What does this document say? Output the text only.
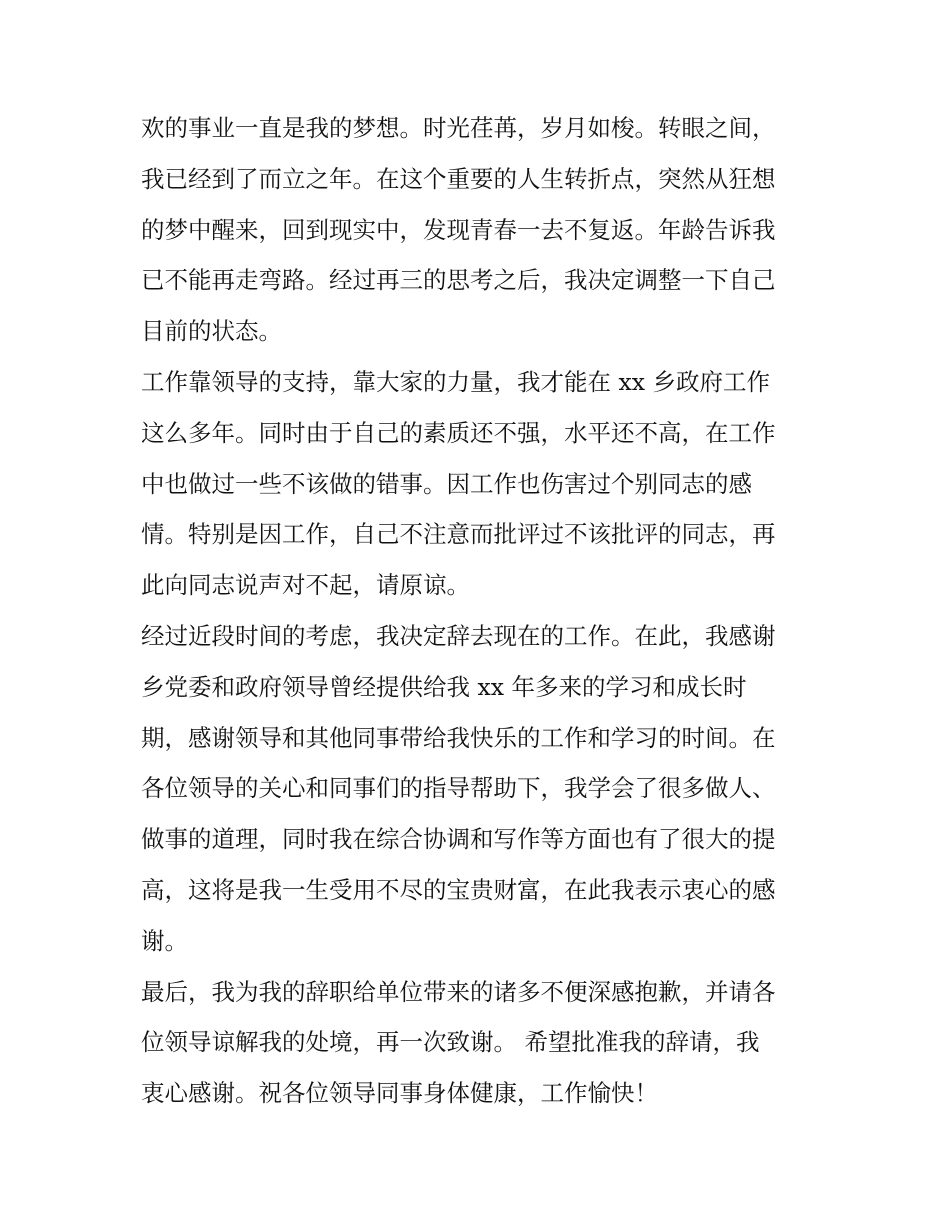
欢的事业一直是我的梦想。时光荏苒，岁月如梭。转眼之间，
我已经到了而立之年。在这个重要的人生转折点，突然从狂想
的梦中醒来，回到现实中，发现青春一去不复返。年龄告诉我
已不能再走弯路。经过再三的思考之后，我决定调整一下自己
目前的状态。
工作靠领导的支持，靠大家的力量，我才能在 xx 乡政府工作
这么多年。同时由于自己的素质还不强，水平还不高，在工作
中也做过一些不该做的错事。因工作也伤害过个别同志的感
情。特别是因工作，自己不注意而批评过不该批评的同志，再
此向同志说声对不起，请原谅。
经过近段时间的考虑，我决定辞去现在的工作。在此，我感谢
乡党委和政府领导曾经提供给我 xx 年多来的学习和成长时
期，感谢领导和其他同事带给我快乐的工作和学习的时间。在
各位领导的关心和同事们的指导帮助下，我学会了很多做人、
做事的道理，同时我在综合协调和写作等方面也有了很大的提
高，这将是我一生受用不尽的宝贵财富，在此我表示衷心的感
谢。
最后，我为我的辞职给单位带来的诸多不便深感抱歉，并请各
位领导谅解我的处境，再一次致谢。 希望批准我的辞请，我
衷心感谢。祝各位领导同事身体健康，工作愉快！
